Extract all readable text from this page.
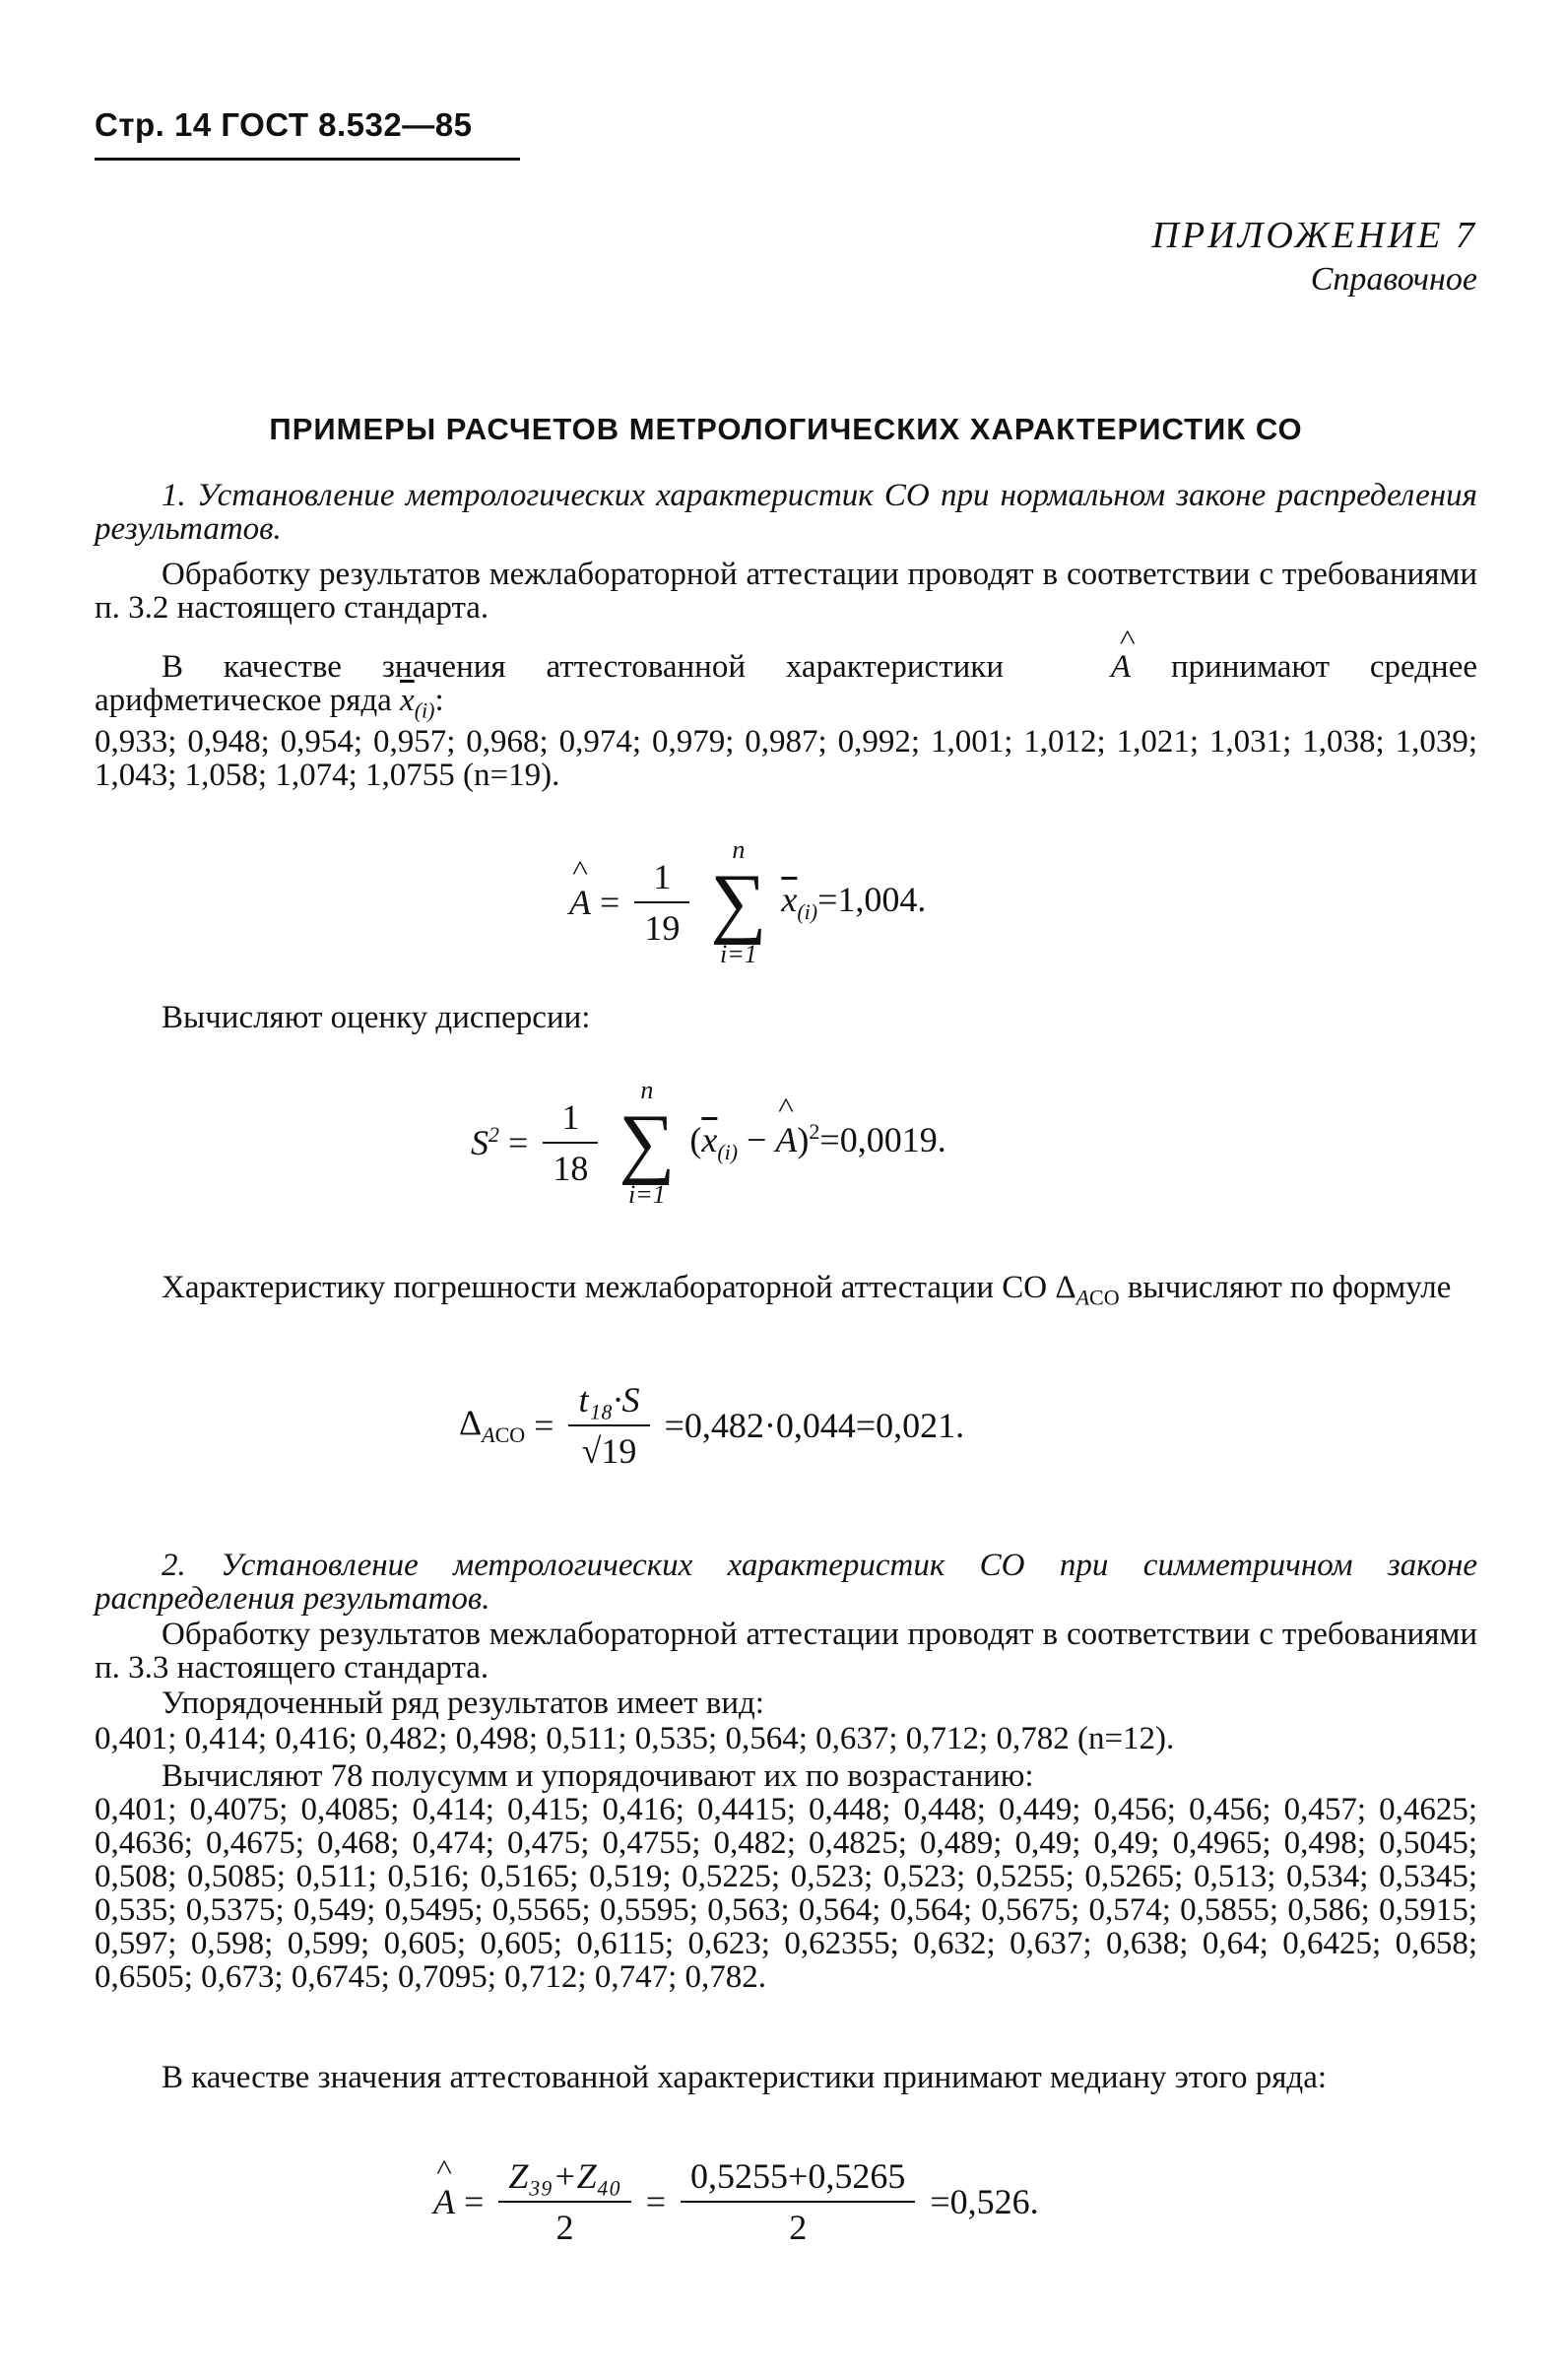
Стр. 14 ГОСТ 8.532—85
ПРИЛОЖЕНИЕ 7
Справочное
ПРИМЕРЫ РАСЧЕТОВ МЕТРОЛОГИЧЕСКИХ ХАРАКТЕРИСТИК СО
1. Установление метрологических характеристик СО при нормальном законе распределения результатов.
Обработку результатов межлабораторной аттестации проводят в соответствии с требованиями п. 3.2 настоящего стандарта.
В качестве значения аттестованной характеристики	^ A принимают среднее арифметическое ряда $\overline{x}_{(i)}$:
0,933; 0,948; 0,954; 0,957; 0,968; 0,974; 0,979; 0,987; 0,992; 1,001; 1,012; 1,021; 1,031; 1,038; 1,039; 1,043; 1,058; 1,074; 1,0755 (n=19).
^ $A = \frac{1}{19}$

n
∑
i=1
$\overline{x}_{(i)}=1,004$.
Вычисляют оценку дисперсии:
$S^2 = \frac{1}{18}$

n
∑
i=1
($\overline{x}_{(i)}$ − ^ A)$^2$=0,0019.
Характеристику погрешности межлабораторной аттестации СО $\Delta_{ACO}$ вычисляют по формуле
$\Delta_{ACO} = \frac{\text{t₁₈·S}}{√19} =0,482\cdot 0,044=0,021$.
2. Установление метрологических характеристик СО при симметричном законе распределения результатов.
Обработку результатов межлабораторной аттестации проводят в соответствии с требованиями п. 3.3 настоящего стандарта.
Упорядоченный ряд результатов имеет вид:
0,401; 0,414; 0,416; 0,482; 0,498; 0,511; 0,535; 0,564; 0,637; 0,712; 0,782 (n=12).
Вычисляют 78 полусумм и упорядочивают их по возрастанию:
0,401; 0,4075; 0,4085; 0,414; 0,415; 0,416; 0,4415; 0,448; 0,448; 0,449; 0,456; 0,456; 0,457; 0,4625; 0,4636; 0,4675; 0,468; 0,474; 0,475; 0,4755; 0,482; 0,4825; 0,489; 0,49; 0,49; 0,4965; 0,498; 0,5045; 0,508; 0,5085; 0,511; 0,516; 0,5165; 0,519; 0,5225; 0,523; 0,523; 0,5255; 0,5265; 0,513; 0,534; 0,5345; 0,535; 0,5375; 0,549; 0,5495; 0,5565; 0,5595; 0,563; 0,564; 0,564; 0,5675; 0,574; 0,5855; 0,586; 0,5915; 0,597; 0,598; 0,599; 0,605; 0,605; 0,6115; 0,623; 0,62355; 0,632; 0,637; 0,638; 0,64; 0,6425; 0,658; 0,6505; 0,673; 0,6745; 0,7095; 0,712; 0,747; 0,782.
В качестве значения аттестованной характеристики принимают медиану этого ряда:
^ $A = \frac{\text{Z₃₉+Z₄₀}}{2} = \frac{0,5255+0,5265}{2} =0,526$.
